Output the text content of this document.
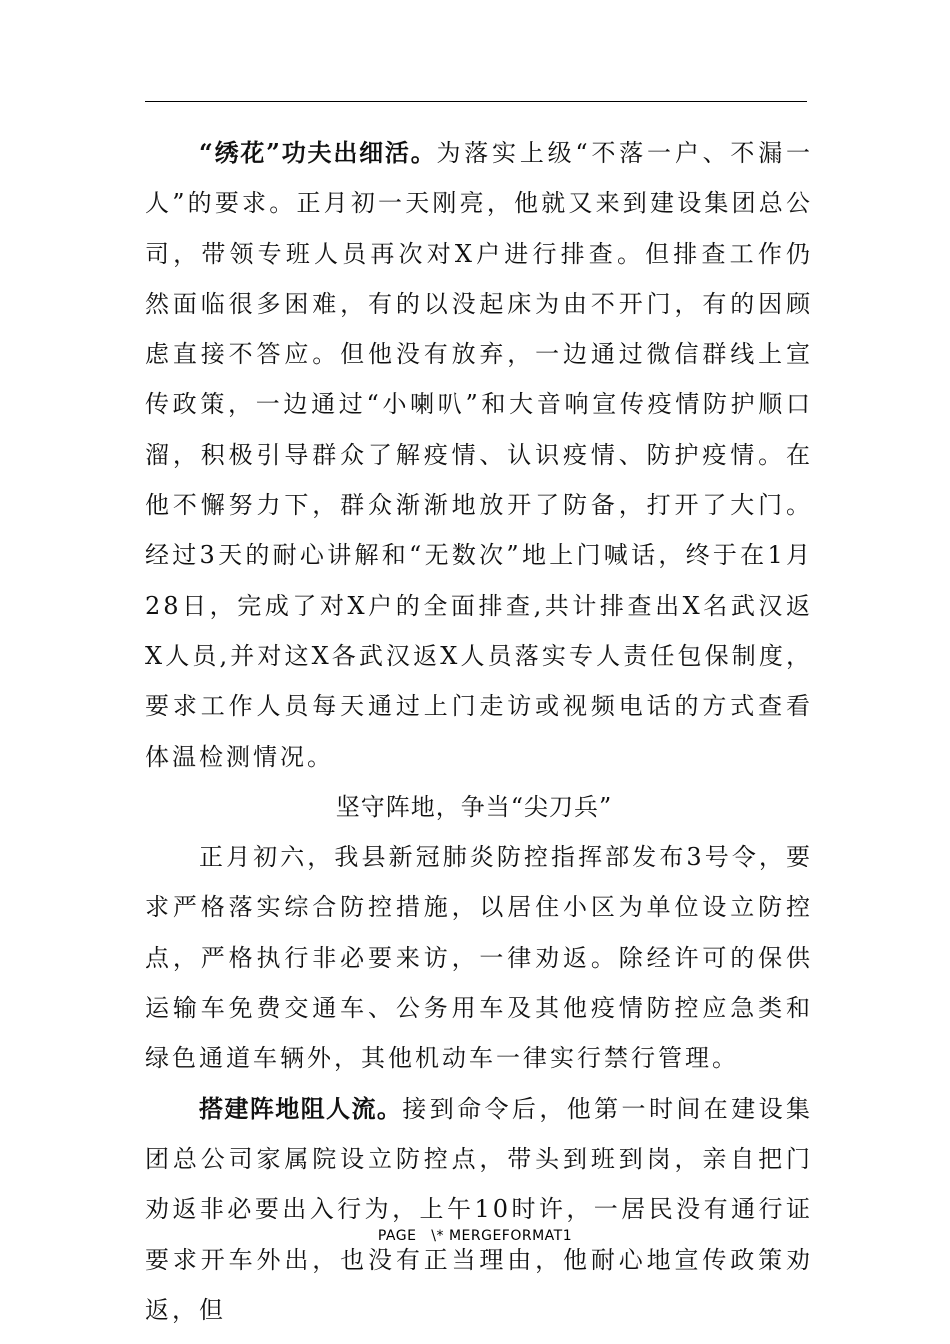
“绣花”功夫出细活。为落实上级“不落一户、不漏一人”的要求。正月初一天刚亮，他就又来到建设集团总公司，带领专班人员再次对X户进行排查。但排查工作仍然面临很多困难，有的以没起床为由不开门，有的因顾虑直接不答应。但他没有放弃，一边通过微信群线上宣传政策，一边通过“小喇叭”和大音响宣传疫情防护顺口溜，积极引导群众了解疫情、认识疫情、防护疫情。在他不懈努力下，群众渐渐地放开了防备，打开了大门。 经过3天的耐心讲解和“无数次”地上门喊话，终于在1月28日，完成了对X户的全面排查,共计排查出X名武汉返X人员,并对这X各武汉返X人员落实专人责任包保制度，要求工作人员每天通过上门走访或视频电话的方式查看体温检测情况。

坚守阵地，争当“尖刀兵”

正月初六，我县新冠肺炎防控指挥部发布3号令，要求严格落实综合防控措施，以居住小区为单位设立防控点，严格执行非必要来访，一律劝返。除经许可的保供运输车免费交通车、公务用车及其他疫情防控应急类和绿色通道车辆外，其他机动车一律实行禁行管理。

搭建阵地阻人流。接到命令后，他第一时间在建设集团总公司家属院设立防控点，带头到班到岗，亲自把门劝返非必要出入行为，上午10时许，一居民没有通行证要求开车外出，也没有正当理由，他耐心地宣传政策劝返，但

PAGE   \* MERGEFORMAT1
